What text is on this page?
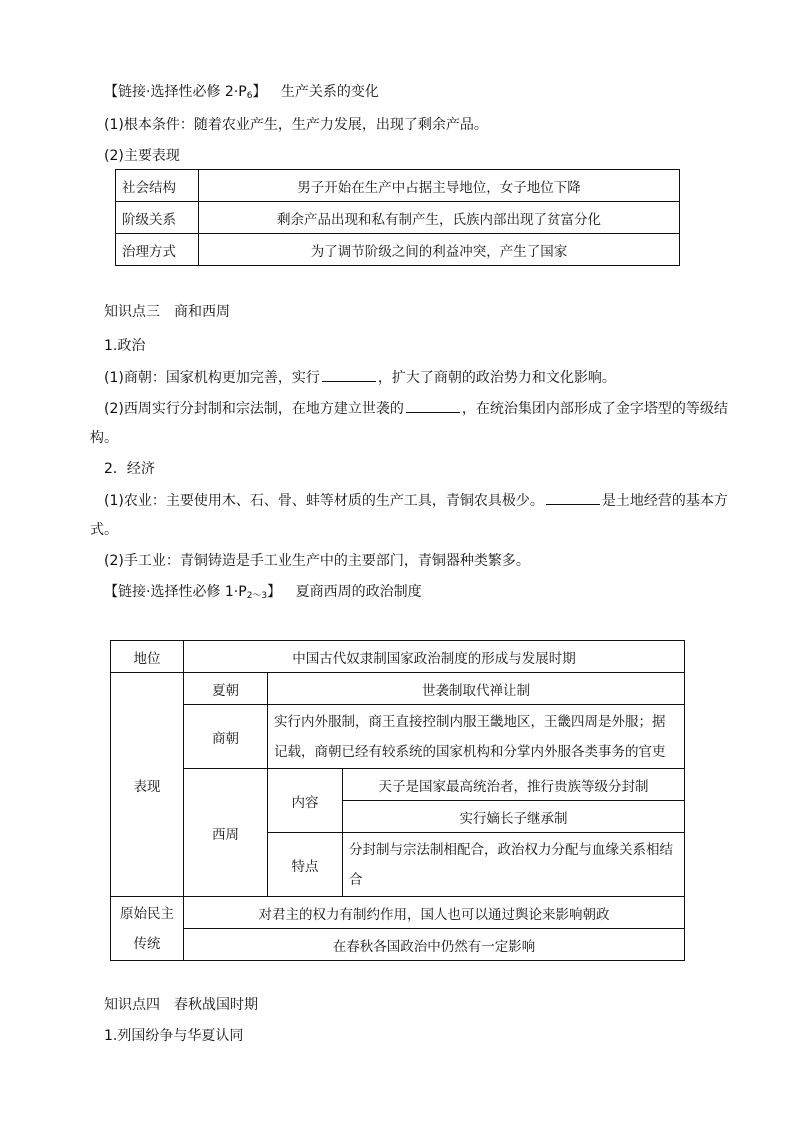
【链接·选择性必修 $2\cdot P_6$】 生产关系的变化
(1)根本条件：随着农业产生，生产力发展，出现了剩余产品。
(2)主要表现
社会结构	男子开始在生产中占据主导地位，女子地位下降
阶级关系	剩余产品出现和私有制产生，氏族内部出现了贫富分化
治理方式	为了调节阶级之间的利益冲突，产生了国家
知识点三　商和西周
1.政治
(1)商朝：国家机构更加完善，实行	，扩大了商朝的政治势力和文化影响。
(2)西周实行分封制和宗法制，在地方建立世袭的	，在统治集团内部形成了金字塔型的等级结
构。
2．经济
(1)农业：主要使用木、石、骨、蚌等材质的生产工具，青铜农具极少。	是土地经营的基本方
式。
(2)手工业：青铜铸造是手工业生产中的主要部门，青铜器种类繁多。
【链接·选择性必修 $1\cdot P_{2\sim 3}$】 夏商西周的政治制度
地位	中国古代奴隶制国家政治制度的形成与发展时期		
表现	夏朝	世袭制取代禅让制	
	商朝	实行内外服制，商王直接控制内服王畿地区，王畿四周是外服；据记载，商朝已经有较系统的国家机构和分掌内外服各类事务的官吏	
	西周	内容	天子是国家最高统治者，推行贵族等级分封制
			实行嫡长子继承制
		特点	分封制与宗法制相配合，政治权力分配与血缘关系相结合
原始民主传统	对君主的权力有制约作用，国人也可以通过舆论来影响朝政		
	在春秋各国政治中仍然有一定影响		
知识点四　春秋战国时期
1.列国纷争与华夏认同
